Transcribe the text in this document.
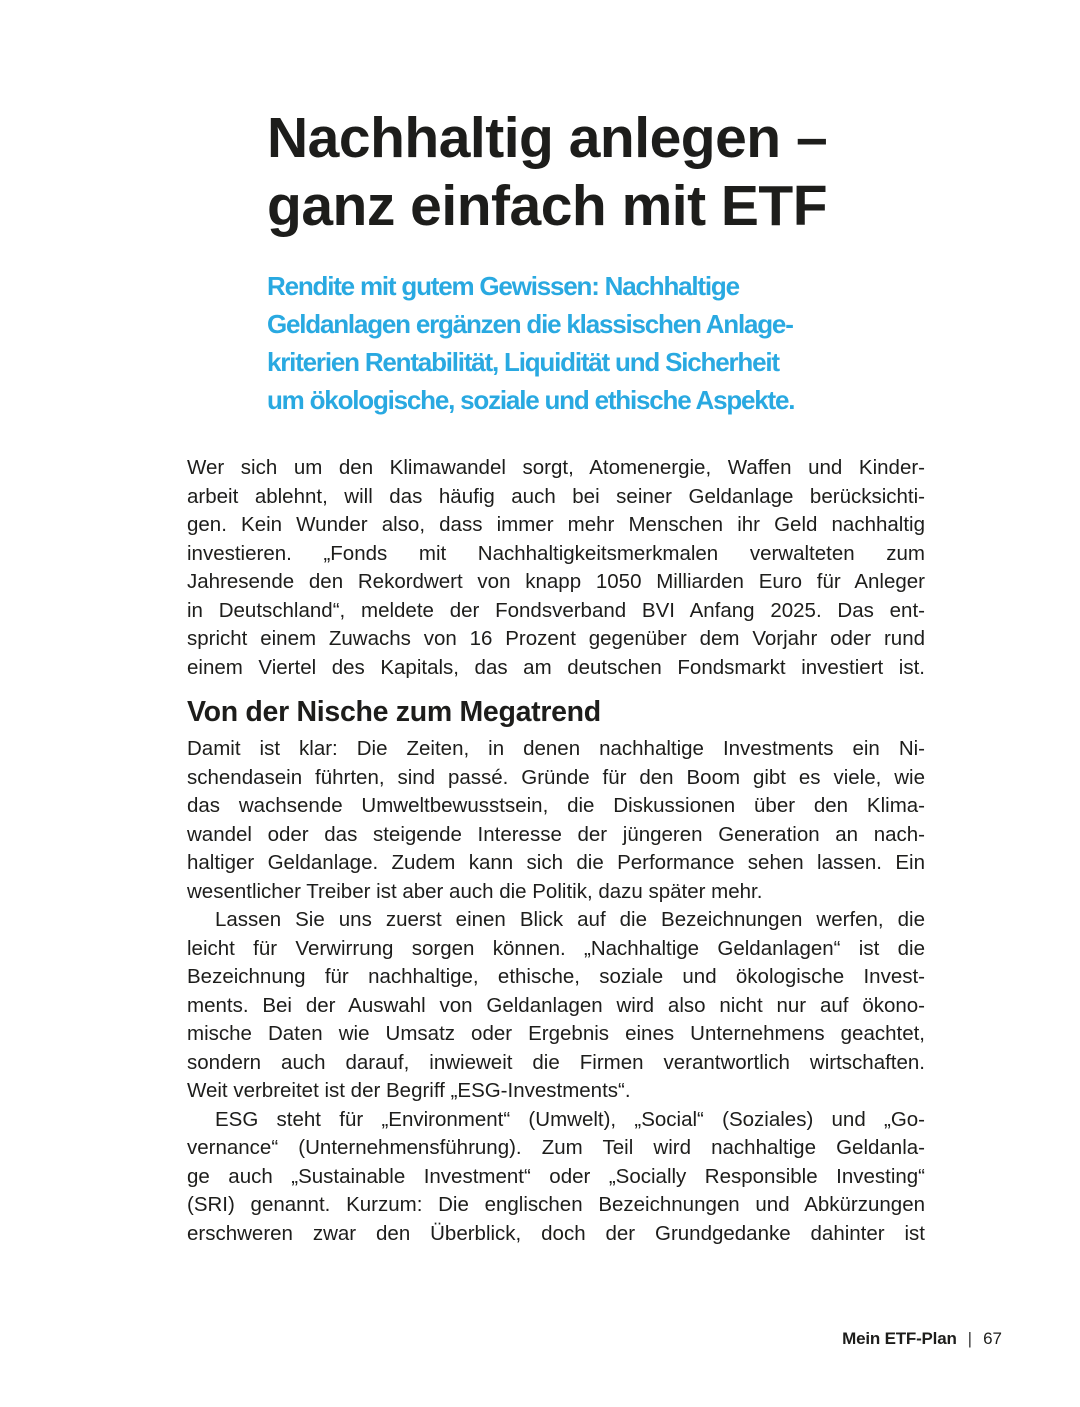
Nachhaltig anlegen –
ganz einfach mit ETF
Rendite mit gutem Gewissen: Nachhaltige
Geldanlagen ergänzen die klassischen Anlage-
kriterien Rentabilität, Liquidität und Sicherheit
um ökologische, soziale und ethische Aspekte.
Wer sich um den Klimawandel sorgt, Atomenergie, Waffen und Kinder-
arbeit ablehnt, will das häufig auch bei seiner Geldanlage berücksichti-
gen. Kein Wunder also, dass immer mehr Menschen ihr Geld nachhaltig
investieren. „Fonds mit Nachhaltigkeitsmerkmalen verwalteten zum
Jahresende den Rekordwert von knapp 1050 Milliarden Euro für Anleger
in Deutschland“, meldete der Fondsverband BVI Anfang 2025. Das ent-
spricht einem Zuwachs von 16 Prozent gegenüber dem Vorjahr oder rund
einem Viertel des Kapitals, das am deutschen Fondsmarkt investiert ist.
Von der Nische zum Megatrend
Damit ist klar: Die Zeiten, in denen nachhaltige Investments ein Ni-
schendasein führten, sind passé. Gründe für den Boom gibt es viele, wie
das wachsende Umweltbewusstsein, die Diskussionen über den Klima-
wandel oder das steigende Interesse der jüngeren Generation an nach-
haltiger Geldanlage. Zudem kann sich die Performance sehen lassen. Ein
wesentlicher Treiber ist aber auch die Politik, dazu später mehr.
Lassen Sie uns zuerst einen Blick auf die Bezeichnungen werfen, die
leicht für Verwirrung sorgen können. „Nachhaltige Geldanlagen“ ist die
Bezeichnung für nachhaltige, ethische, soziale und ökologische Invest-
ments. Bei der Auswahl von Geldanlagen wird also nicht nur auf ökono-
mische Daten wie Umsatz oder Ergebnis eines Unternehmens geachtet,
sondern auch darauf, inwieweit die Firmen verantwortlich wirtschaften.
Weit verbreitet ist der Begriff „ESG-Investments“.
ESG steht für „Environment“ (Umwelt), „Social“ (Soziales) und „Go-
vernance“ (Unternehmensführung). Zum Teil wird nachhaltige Geldanla-
ge auch „Sustainable Investment“ oder „Socially Responsible Investing“
(SRI) genannt. Kurzum: Die englischen Bezeichnungen und Abkürzungen
erschweren zwar den Überblick, doch der Grundgedanke dahinter ist
Mein ETF-Plan | 67
